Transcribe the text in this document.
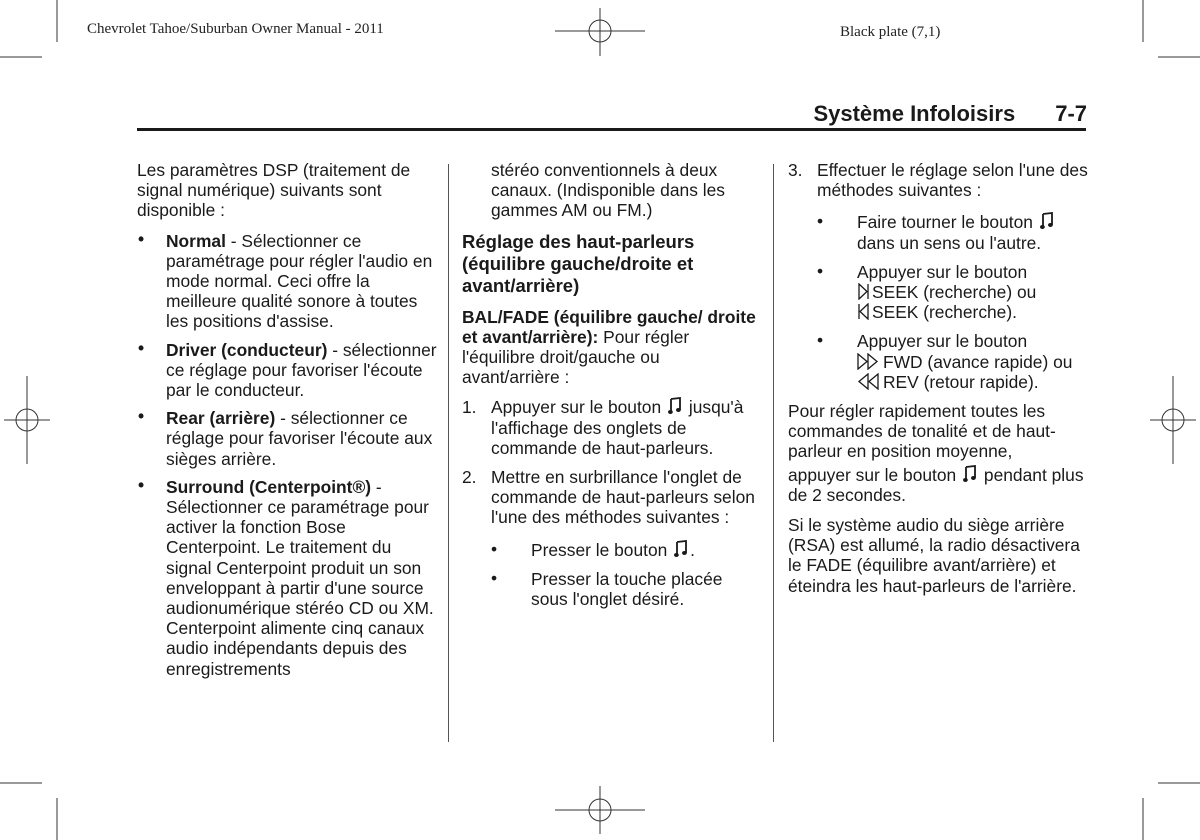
Chevrolet Tahoe/Suburban Owner Manual - 2011	Black plate (7,1)
Système Infoloisirs 7-7

Les paramètres DSP (traitement de signal numérique) suivants sont disponible :

• Normal - Sélectionner ce paramétrage pour régler l'audio en mode normal. Ceci offre la meilleure qualité sonore à toutes les positions d'assise.
• Driver (conducteur) - sélectionner ce réglage pour favoriser l'écoute par le conducteur.
• Rear (arrière) - sélectionner ce réglage pour favoriser l'écoute aux sièges arrière.
• Surround (Centerpoint®) - Sélectionner ce paramétrage pour activer la fonction Bose Centerpoint. Le traitement du signal Centerpoint produit un son enveloppant à partir d'une source audionumérique stéréo CD ou XM. Centerpoint alimente cinq canaux audio indépendants depuis des enregistrements

stéréo conventionnels à deux canaux. (Indisponible dans les gammes AM ou FM.)

Réglage des haut-parleurs (équilibre gauche/droite et avant/arrière)

BAL/FADE (équilibre gauche/ droite et avant/arrière): Pour régler l'équilibre droit/gauche ou avant/arrière :

1. Appuyer sur le bouton jusqu'à l'affichage des onglets de commande de haut-parleurs.
2. Mettre en surbrillance l'onglet de commande de haut-parleurs selon l'une des méthodes suivantes :
• Presser le bouton .
• Presser la touche placée sous l'onglet désiré.
3. Effectuer le réglage selon l'une des méthodes suivantes :
• Faire tourner le bouton  dans un sens ou l'autre.
• Appuyer sur le bouton
SEEK (recherche) ou
SEEK (recherche).
• Appuyer sur le bouton
FWD (avance rapide) ou
REV (retour rapide).

Pour régler rapidement toutes les commandes de tonalité et de haut-parleur en position moyenne,

appuyer sur le bouton pendant plus de 2 secondes.

Si le système audio du siège arrière (RSA) est allumé, la radio désactivera le FADE (équilibre avant/arrière) et éteindra les haut-parleurs de l'arrière.
